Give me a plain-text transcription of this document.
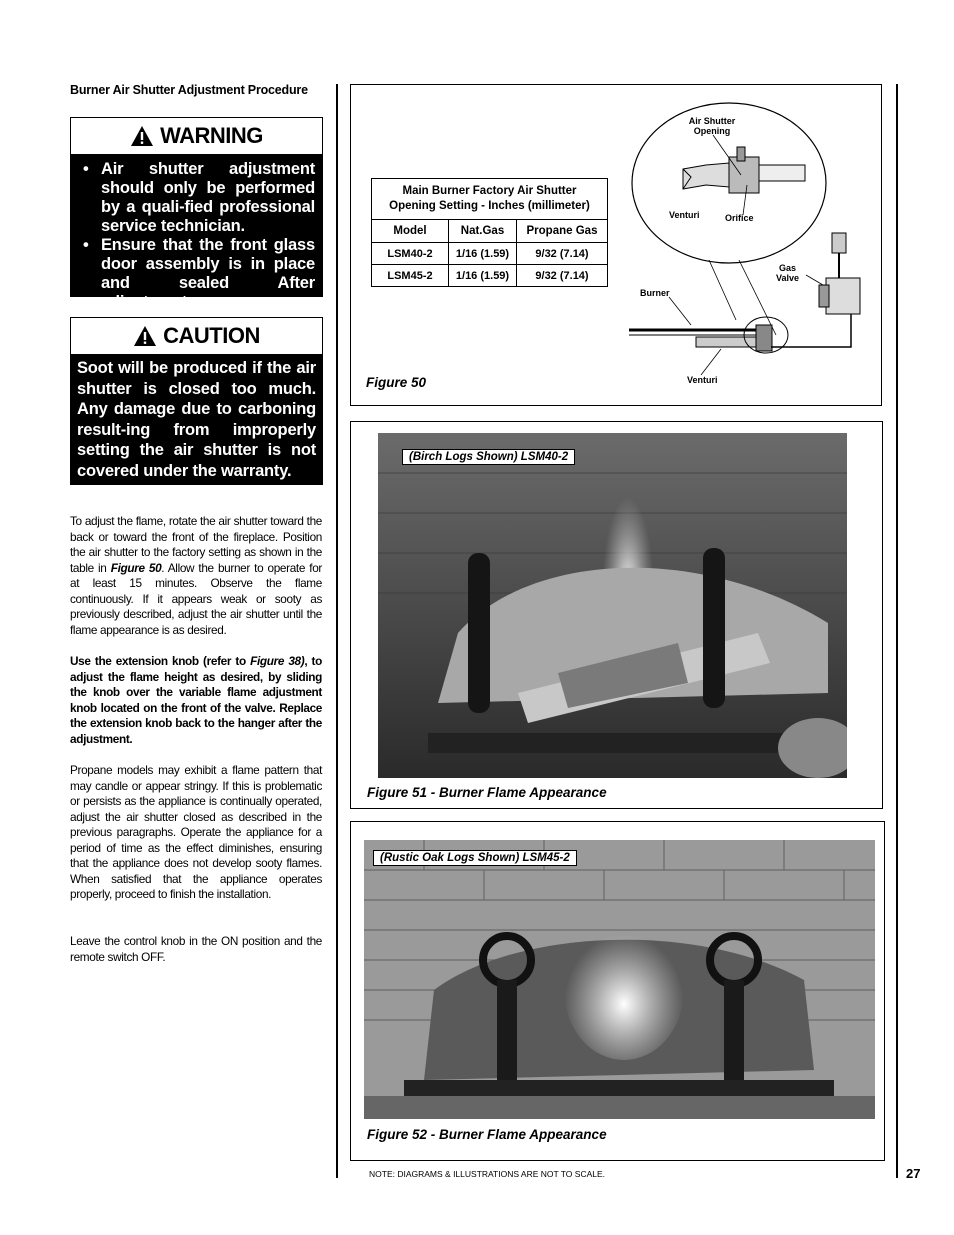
Burner Air Shutter Adjustment Procedure
WARNING
• Air shutter adjustment should only be performed by a quali-fied professional service technician.
• Ensure that the front glass door assembly is in place and sealed After adjustment.
CAUTION
Soot will be produced if the air shutter is closed too much. Any damage due to carboning result-ing from improperly setting the air shutter is not covered under the warranty.
To adjust the flame, rotate the air shutter toward the back or toward the front of the fireplace. Position the air shutter to the factory setting as shown in the table in Figure 50. Allow the burner to operate for at least 15 minutes. Observe the flame continuously. If it appears weak or sooty as previously described, adjust the air shutter until the flame appearance is as desired.
Use the extension knob (refer to Figure 38), to adjust the flame height as desired, by sliding the knob over the variable flame adjustment knob located on the front of the valve. Replace the extension knob back to the hanger after the adjustment.
Propane models may exhibit a flame pattern that may candle or appear stringy. If this is problematic or persists as the appliance is continually operated, adjust the air shutter closed as described in the previous paragraphs. Operate the appliance for a period of time as the effect diminishes, ensuring that the appliance does not develop sooty flames. When satisfied that the appliance operates properly, proceed to finish the installation.
Leave the control knob in the ON position and the remote switch OFF.
Air Shutter
Opening
Venturi	Orifice
Gas
Valve
Burner
Venturi
Figure 50
Main Burner Factory Air Shutter
Opening Setting - Inches (millimeter)		
Model	Nat.Gas	Propane Gas
LSM40-2	1/16 (1.59)	9/32 (7.14)
LSM45-2	1/16 (1.59)	9/32 (7.14)
(Birch Logs Shown) LSM40-2
Figure 51 - Burner Flame Appearance
(Rustic Oak Logs Shown) LSM45-2
Figure 52 - Burner Flame Appearance
NOTE: DIAGRAMS & ILLUSTRATIONS ARE NOT TO SCALE.	27
